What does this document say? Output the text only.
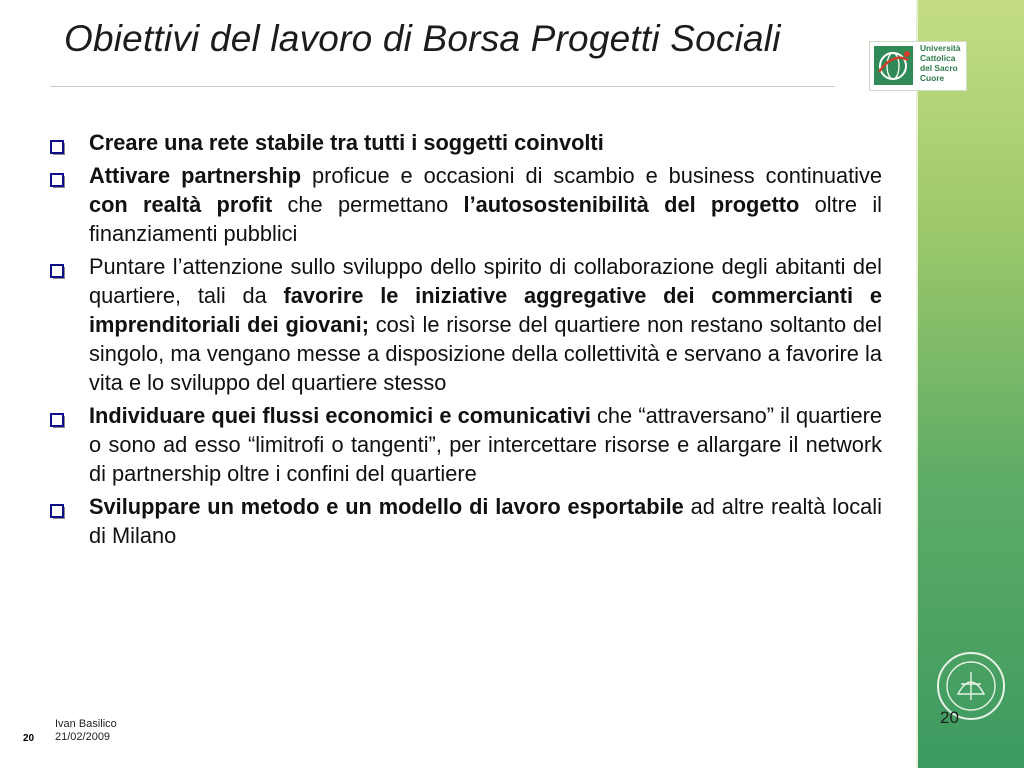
Obiettivi del lavoro di Borsa Progetti Sociali	Università
Cattolica
del Sacro
Cuore
Creare una rete stabile tra tutti i soggetti coinvolti
Attivare partnership proficue e occasioni di scambio e business continuative con realtà profit che permettano l’autosostenibilità del progetto oltre il finanziamenti pubblici
Puntare l’attenzione sullo sviluppo dello spirito di collaborazione degli abitanti del quartiere, tali da favorire le iniziative aggregative dei commercianti e imprenditoriali dei giovani; così le risorse del quartiere non restano soltanto del singolo, ma vengano messe a disposizione della collettività e servano a favorire la vita e lo sviluppo del quartiere stesso
Individuare quei flussi economici e comunicativi che “attraversano” il quartiere o sono ad esso “limitrofi o tangenti”, per intercettare risorse e allargare il network di partnership oltre i confini del quartiere
Sviluppare un metodo e un modello di lavoro esportabile ad altre realtà locali di Milano
20
20
Ivan Basilico
21/02/2009
